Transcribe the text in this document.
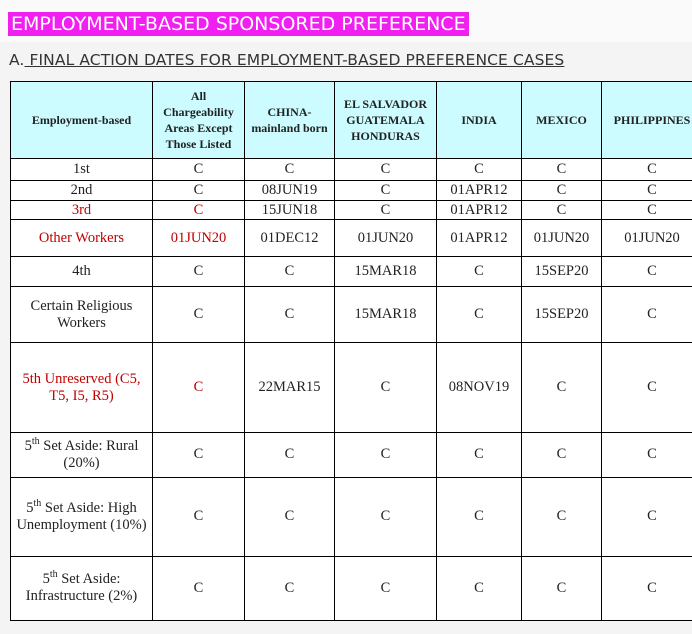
EMPLOYMENT-BASED SPONSORED PREFERENCE
A. FINAL ACTION DATES FOR EMPLOYMENT-BASED PREFERENCE CASES
Employment-based	All Chargeability Areas Except Those Listed	CHINA-mainland born	EL SALVADOR GUATEMALA HONDURAS	INDIA	MEXICO	PHILIPPINES
1st	C	C	C	C	C	C
2nd	C	08JUN19	C	01APR12	C	C
3rd	C	15JUN18	C	01APR12	C	C
Other Workers	01JUN20	01DEC12	01JUN20	01APR12	01JUN20	01JUN20
4th	C	C	15MAR18	C	15SEP20	C
Certain Religious Workers	C	C	15MAR18	C	15SEP20	C
5th Unreserved (C5, T5, I5, R5)	C	22MAR15	C	08NOV19	C	C
5th Set Aside: Rural (20%)	C	C	C	C	C	C
5th Set Aside: High Unemployment (10%)	C	C	C	C	C	C
5th Set Aside: Infrastructure (2%)	C	C	C	C	C	C
